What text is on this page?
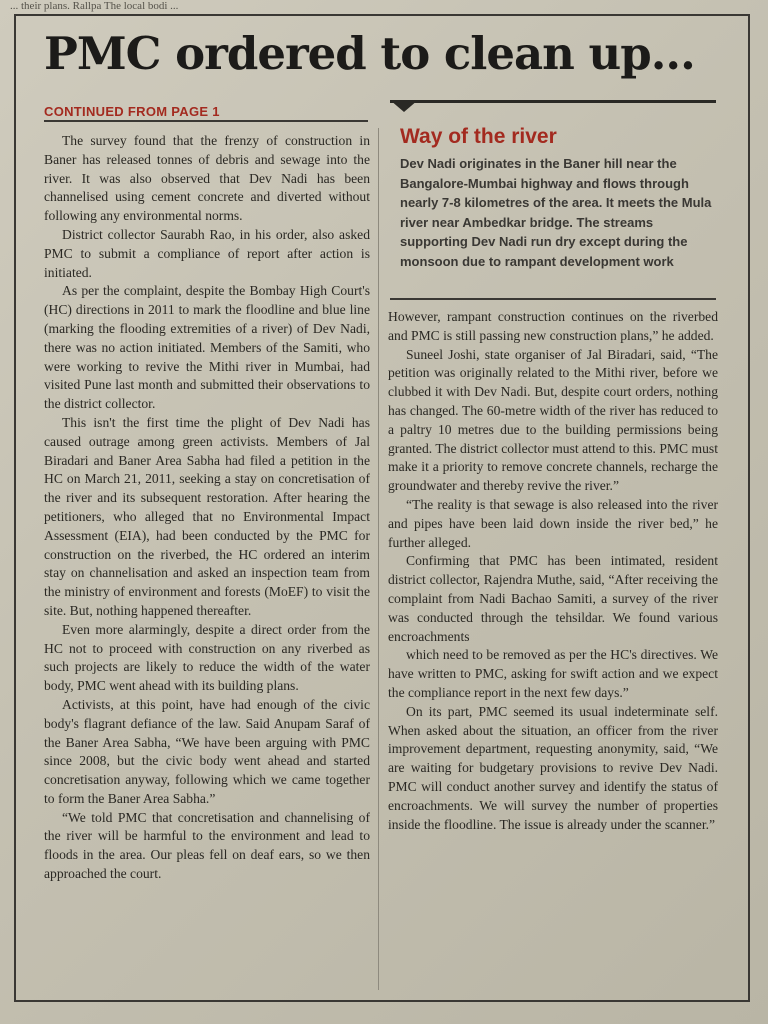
... their plans. Rallpa The local bodi ...
PMC ordered to clean up...
CONTINUED FROM PAGE 1

The survey found that the frenzy of construction in Baner has released tonnes of debris and sewage into the river. It was also observed that Dev Nadi has been channelised using cement concrete and diverted without following any environmental norms.

District collector Saurabh Rao, in his order, also asked PMC to submit a compliance of report after action is initiated.

As per the complaint, despite the Bombay High Court's (HC) directions in 2011 to mark the floodline and blue line (marking the flooding extremities of a river) of Dev Nadi, there was no action initiated. Members of the Samiti, who were working to revive the Mithi river in Mumbai, had visited Pune last month and submitted their observations to the district collector.

This isn't the first time the plight of Dev Nadi has caused outrage among green activists. Members of Jal Biradari and Baner Area Sabha had filed a petition in the HC on March 21, 2011, seeking a stay on concretisation of the river and its subsequent restoration. After hearing the petitioners, who alleged that no Environmental Impact Assessment (EIA), had been conducted by the PMC for construction on the riverbed, the HC ordered an interim stay on channelisation and asked an inspection team from the ministry of environment and forests (MoEF) to visit the site. But, nothing happened thereafter.

Even more alarmingly, despite a direct order from the HC not to proceed with construction on any riverbed as such projects are likely to reduce the width of the water body, PMC went ahead with its building plans.

Activists, at this point, have had enough of the civic body's flagrant defiance of the law. Said Anupam Saraf of the Baner Area Sabha, “We have been arguing with PMC since 2008, but the civic body went ahead and started concretisation anyway, following which we came together to form the Baner Area Sabha.”

“We told PMC that concretisation and channelising of the river will be harmful to the environment and lead to floods in the area. Our pleas fell on deaf ears, so we then approached the court.

Way of the river
Dev Nadi originates in the Baner hill near the Bangalore-Mumbai highway and flows through nearly 7-8 kilometres of the area. It meets the Mula river near Ambedkar bridge. The streams supporting Dev Nadi run dry except during the monsoon due to rampant development work

However, rampant construction continues on the riverbed and PMC is still passing new construction plans,” he added.

Suneel Joshi, state organiser of Jal Biradari, said, “The petition was originally related to the Mithi river, before we clubbed it with Dev Nadi. But, despite court orders, nothing has changed. The 60-metre width of the river has reduced to a paltry 10 metres due to the building permissions being granted. The district collector must attend to this. PMC must make it a priority to remove concrete channels, recharge the groundwater and thereby revive the river.”

“The reality is that sewage is also released into the river and pipes have been laid down inside the river bed,” he further alleged.

Confirming that PMC has been intimated, resident district collector, Rajendra Muthe, said, “After receiving the complaint from Nadi Bachao Samiti, a survey of the river was conducted through the tehsildar. We found various encroachments

which need to be removed as per the HC's directives. We have written to PMC, asking for swift action and we expect the compliance report in the next few days.”

On its part, PMC seemed its usual indeterminate self. When asked about the situation, an officer from the river improvement department, requesting anonymity, said, “We are waiting for budgetary provisions to revive Dev Nadi. PMC will conduct another survey and identify the status of encroachments. We will survey the number of properties inside the floodline. The issue is already under the scanner.”
